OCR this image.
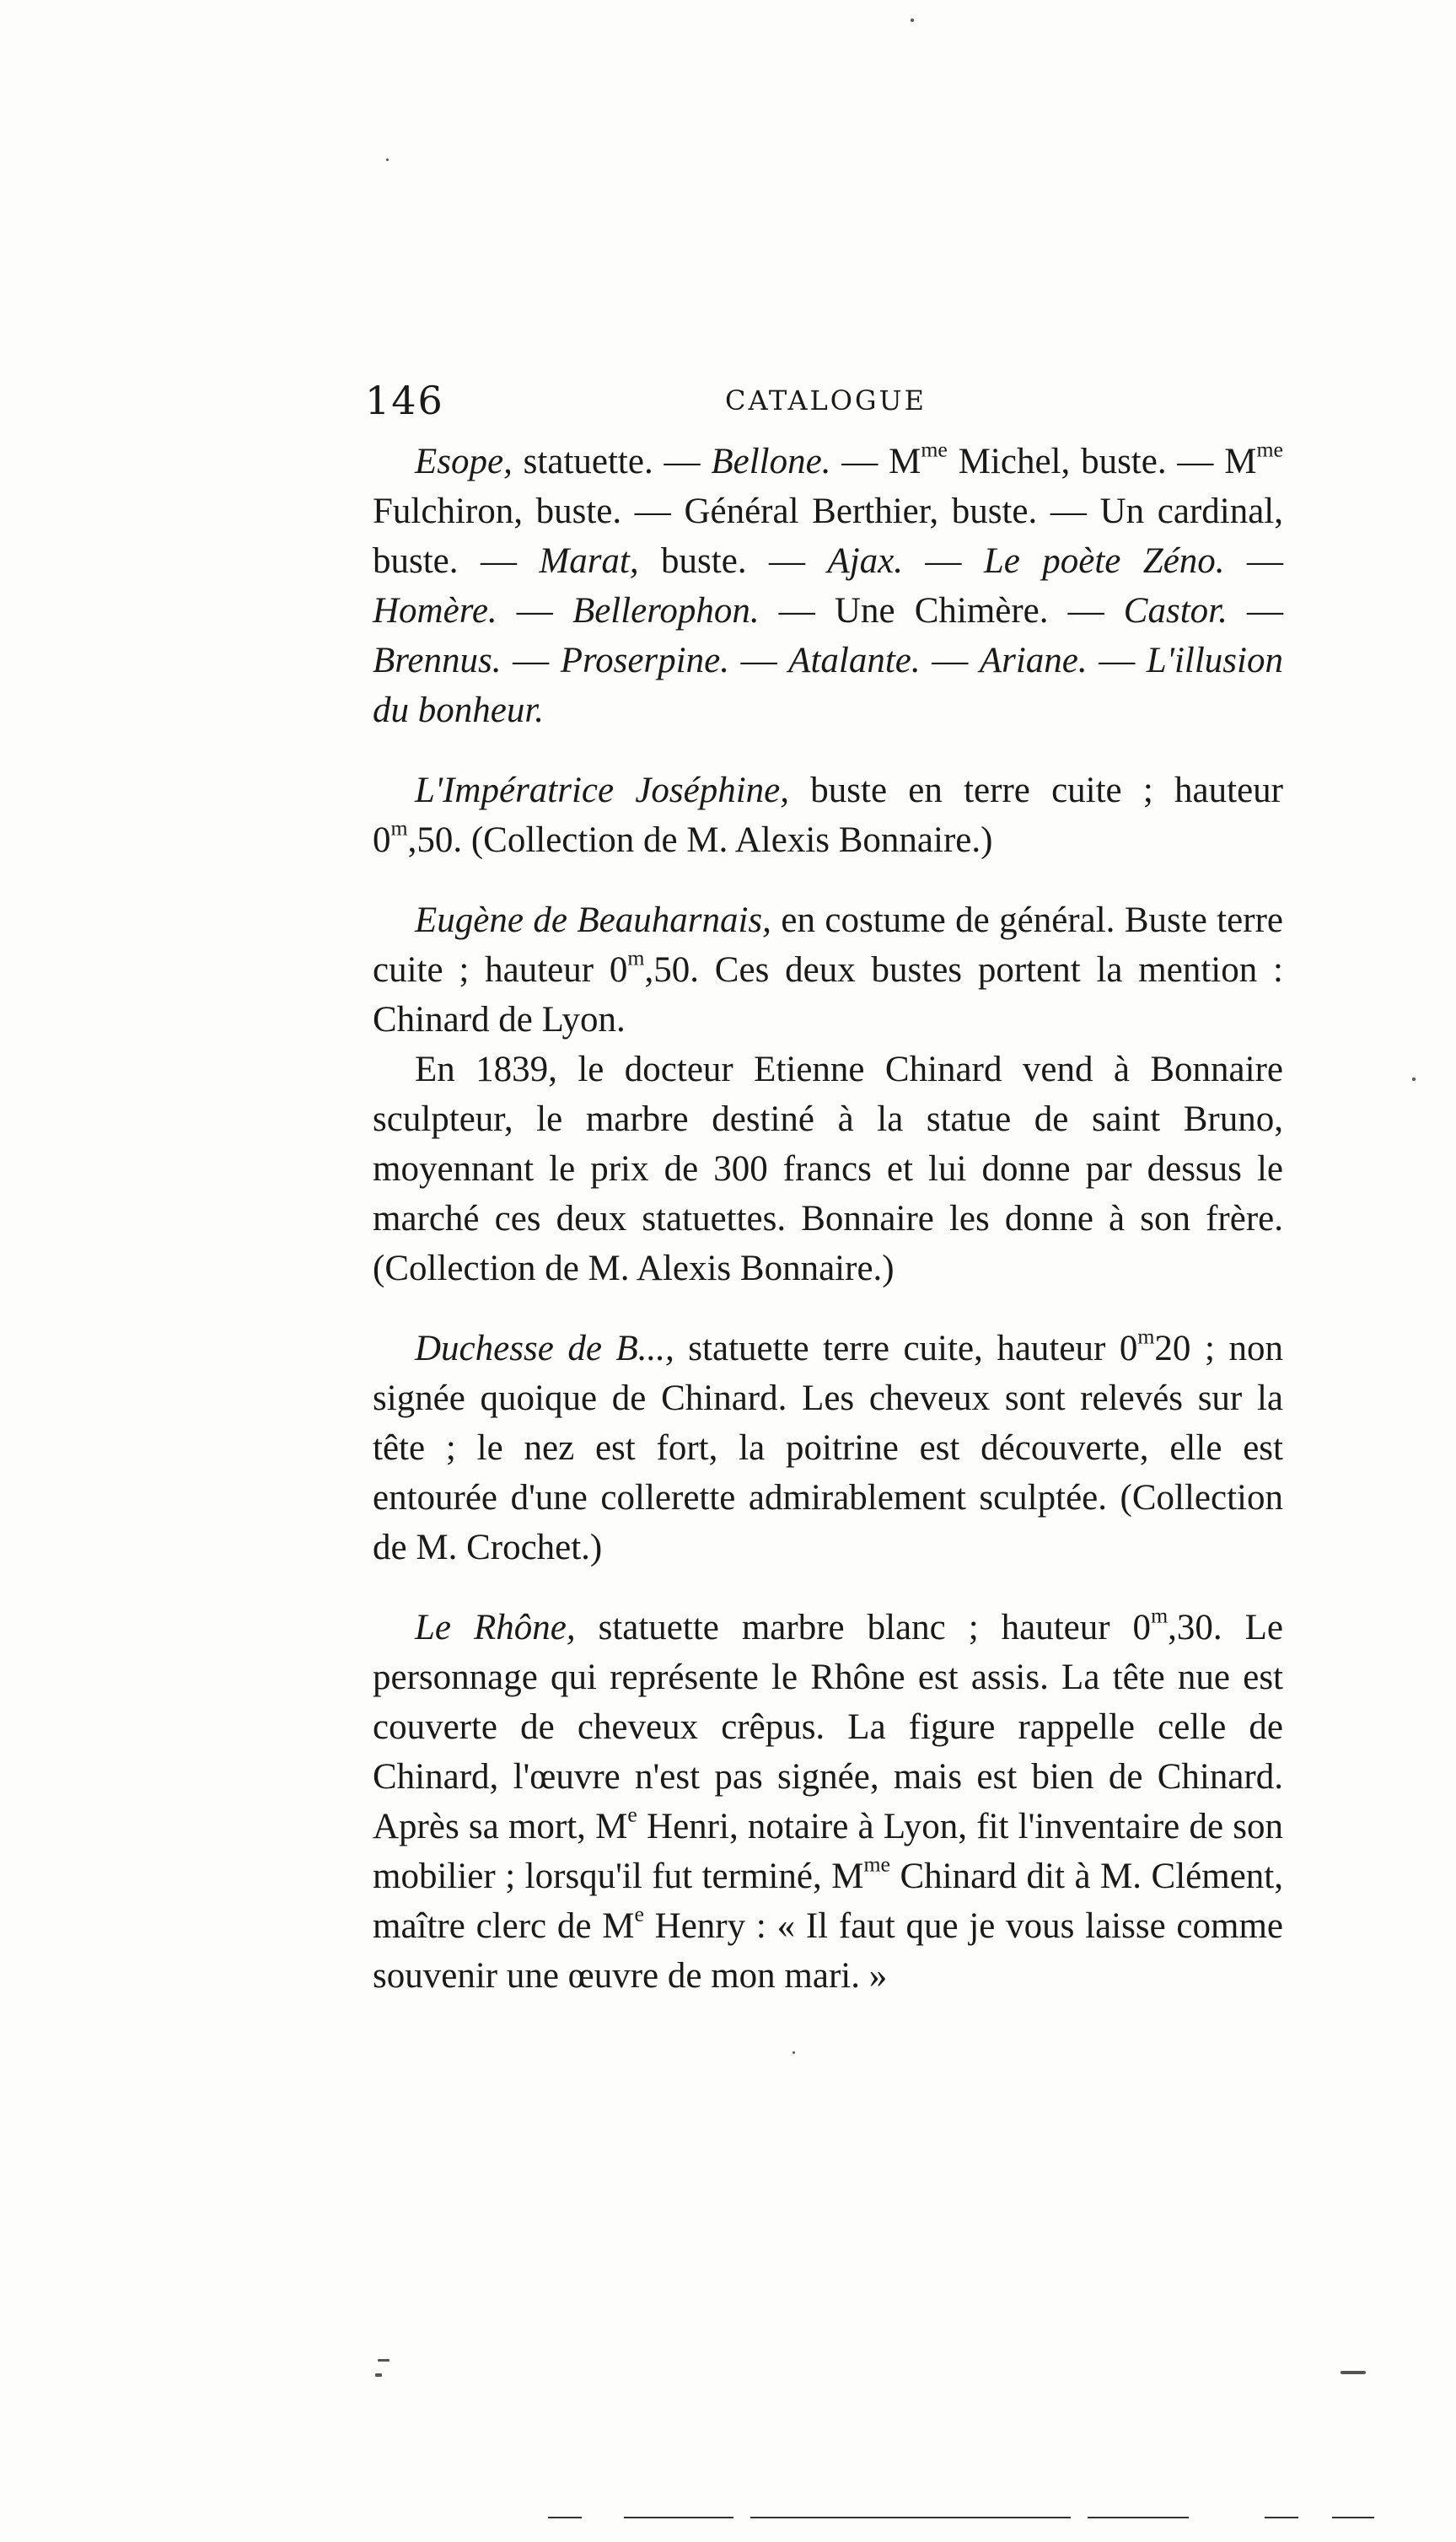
146	CATALOGUE

Esope, statuette. — Bellone. — $M^{me}$ Michel, buste. — $M^{me}$ Fulchiron, buste. — Général Berthier, buste. — Un cardinal, buste. — Marat, buste. — Ajax. — Le poète Zéno. — Homère. — Bellerophon. — Une Chimère. — Castor. — Brennus. — Proserpine. — Atalante. — Ariane. — L'illusion du bonheur.

L'Impératrice Joséphine, buste en terre cuite ; hauteur 0$^m$,50. (Collection de M. Alexis Bonnaire.)

Eugène de Beauharnais, en costume de général. Buste terre cuite ; hauteur 0$^m$,50. Ces deux bustes portent la mention : Chinard de Lyon.

En 1839, le docteur Etienne Chinard vend à Bonnaire sculpteur, le marbre destiné à la statue de saint Bruno, moyennant le prix de 300 francs et lui donne par dessus le marché ces deux statuettes. Bonnaire les donne à son frère. (Collection de M. Alexis Bonnaire.)

Duchesse de B..., statuette terre cuite, hauteur 0$^m$20 ; non signée quoique de Chinard. Les cheveux sont relevés sur la tête ; le nez est fort, la poitrine est découverte, elle est entourée d'une collerette admirablement sculptée. (Collection de M. Crochet.)

Le Rhône, statuette marbre blanc ; hauteur 0$^m$,30. Le personnage qui représente le Rhône est assis. La tête nue est couverte de cheveux crêpus. La figure rappelle celle de Chinard, l'œuvre n'est pas signée, mais est bien de Chinard. Après sa mort, Me Henri, notaire à Lyon, fit l'inventaire de son mobilier ; lorsqu'il fut terminé, $M^{me}$ Chinard dit à M. Clément, maître clerc de Me Henry : « Il faut que je vous laisse comme souvenir une œuvre de mon mari. »
